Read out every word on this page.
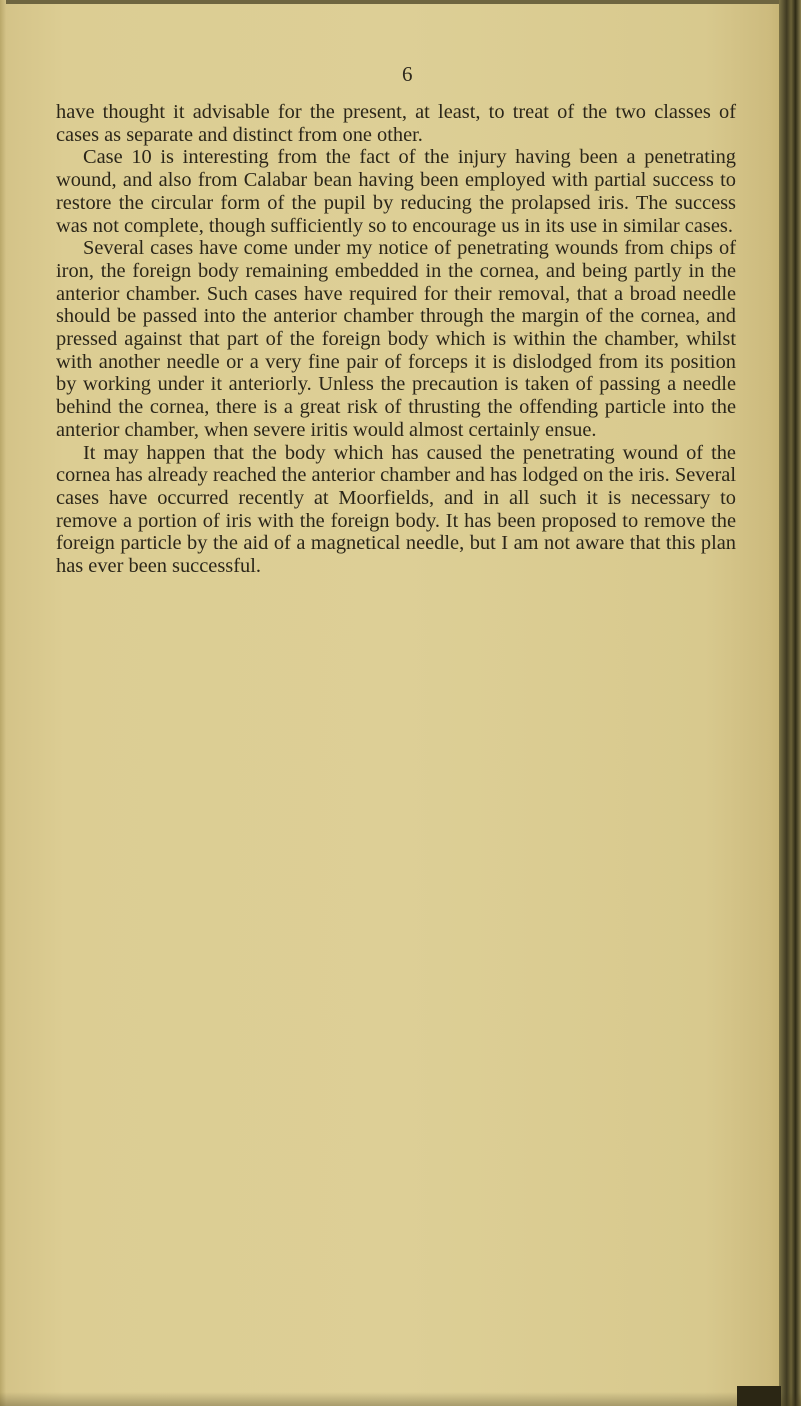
6

have thought it advisable for the present, at least, to treat of the two classes of cases as separate and distinct from one other.

Case 10 is interesting from the fact of the injury having been a penetrating wound, and also from Calabar bean having been employed with partial success to restore the circular form of the pupil by reducing the prolapsed iris. The success was not complete, though sufficiently so to encourage us in its use in similar cases.

Several cases have come under my notice of penetrating wounds from chips of iron, the foreign body remaining embedded in the cornea, and being partly in the anterior chamber. Such cases have required for their removal, that a broad needle should be passed into the anterior chamber through the margin of the cornea, and pressed against that part of the foreign body which is within the chamber, whilst with another needle or a very fine pair of forceps it is dislodged from its position by working under it anteriorly. Unless the precaution is taken of passing a needle behind the cornea, there is a great risk of thrusting the offending particle into the anterior chamber, when severe iritis would almost certainly ensue.

It may happen that the body which has caused the penetrating wound of the cornea has already reached the anterior chamber and has lodged on the iris. Several cases have occurred recently at Moorfields, and in all such it is necessary to remove a portion of iris with the foreign body. It has been proposed to remove the foreign particle by the aid of a magnetical needle, but I am not aware that this plan has ever been successful.
